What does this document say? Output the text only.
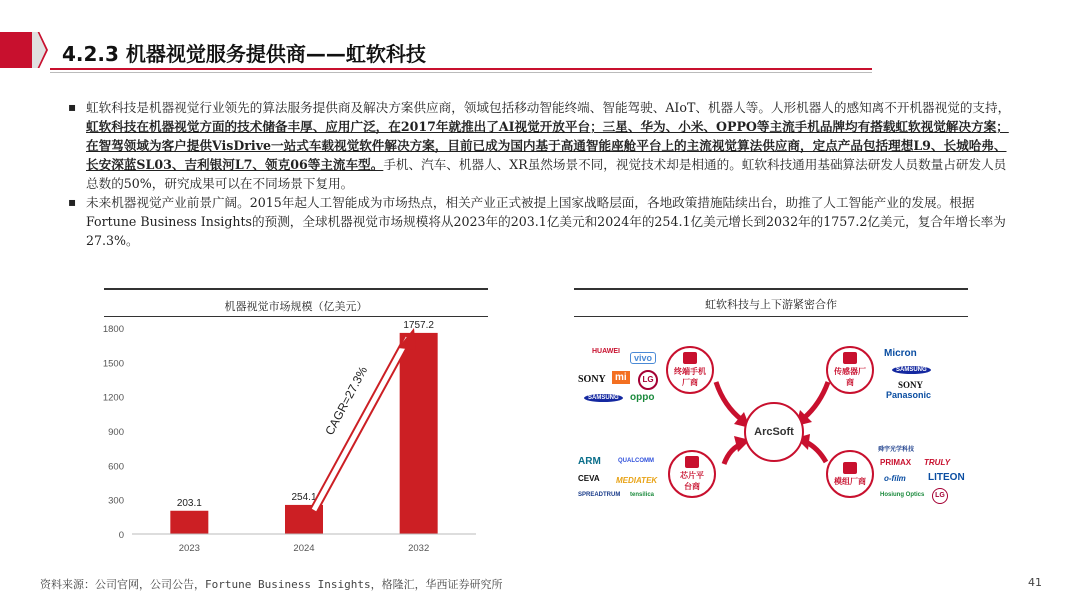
4.2.3 机器视觉服务提供商——虹软科技
▪ 虹软科技是机器视觉行业领先的算法服务提供商及解决方案供应商，领域包括移动智能终端、智能驾驶、AIoT、机器人等。人形机器人的感知离不开机器视觉的支持，虹软科技在机器视觉方面的技术储备丰厚、应用广泛，在2017年就推出了AI视觉开放平台；三星、华为、小米、OPPO等主流手机品牌均有搭载虹软视觉解决方案；在智驾领域为客户提供VisDrive一站式车载视觉软件解决方案，目前已成为国内基于高通智能座舱平台上的主流视觉算法供应商，定点产品包括理想L9、长城哈弗、长安深蓝SL03、吉利银河L7、领克06等主流车型。手机、汽车、机器人、XR虽然场景不同，视觉技术却是相通的。虹软科技通用基础算法研发人员数量占研发人员总数的50%，研究成果可以在不同场景下复用。
▪ 未来机器视觉产业前景广阔。2015年起人工智能成为市场热点，相关产业正式被提上国家战略层面，各地政策措施陆续出台，助推了人工智能产业的发展。根据Fortune Business Insights的预测，全球机器视觉市场规模将从2023年的203.1亿美元和2024年的254.1亿美元增长到2032年的1757.2亿美元，复合年增长率为27.3%。
机器视觉市场规模（亿美元）
0
300
600
900
1200
1500
1800
203.1
254.1
1757.2
2023	2024	2032
CAGR=27.3%
虹软科技与上下游紧密合作
ArcSoft
终端手机厂商
传感器厂商
芯片平台商
模组厂商
HUAWEI
vivo
SONY mi	LG
SAMSUNG	oppo
Micron
SAMSUNG
SONY
Panasonic
ARM	QUALCOMM
CEVA MEDIATEK
SPREADTRUM tensilica
舜宇光学科技
PRIMAX TRULY
o-film LITEON
Hosiung Optics	LG
资料来源：公司官网，公司公告，Fortune Business Insights，格隆汇，华西证券研究所	41
